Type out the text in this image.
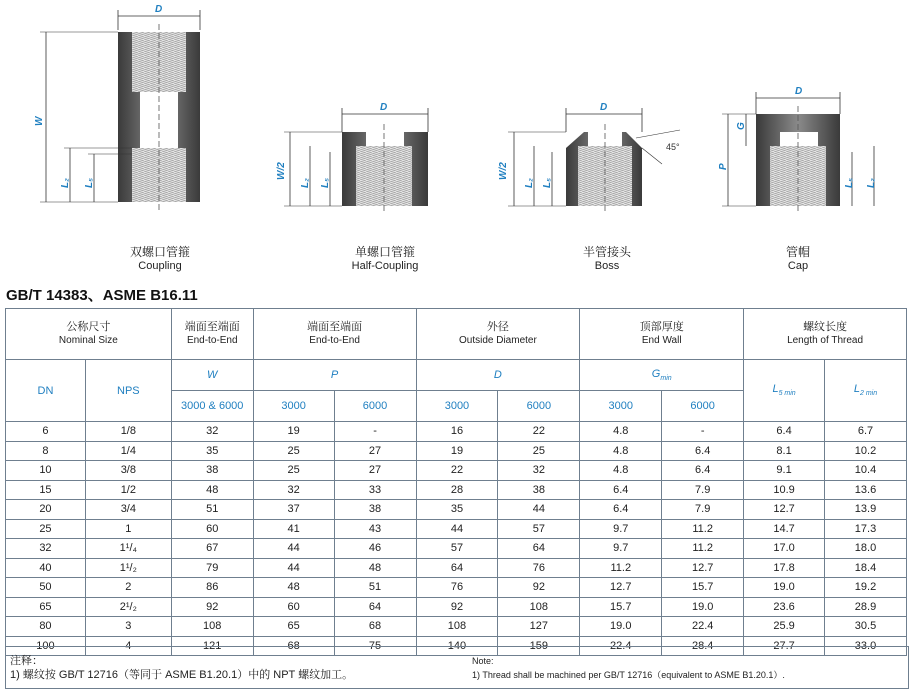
D
W
L₂ L₅
D
W/2
L₂ L₅
D
45°
W/2
L₂ L₅
D
P
G
L₅ L₂
双螺口管箍
Coupling
单螺口管箍
Half-Coupling
半管接头
Boss
管帽
Cap
GB/T 14383、ASME B16.11
公称尺寸
Nominal Size		端面至端面
End-to-End	端面至端面
End-to-End		外径
Outside Diameter		顶部厚度
End Wall		螺纹长度
Length of Thread	

DN	NPS	W	P		D		$G_{min}$		$L_{5 min}$	$L_{2 min}$
		3000 & 6000	3000	6000	3000	6000	3000	6000		
6	1/8	32	19	-	16	22	4.8	-	6.4	6.7
8	1/4	35	25	27	19	25	4.8	6.4	8.1	10.2
10	3/8	38	25	27	22	32	4.8	6.4	9.1	10.4
15	1/2	48	32	33	28	38	6.4	7.9	10.9	13.6
20	3/4	51	37	38	35	44	6.4	7.9	12.7	13.9
25	1	60	41	43	44	57	9.7	11.2	14.7	17.3
32	1¹/₄	67	44	46	57	64	9.7	11.2	17.0	18.0
40	1¹/₂	79	44	48	64	76	11.2	12.7	17.8	18.4
50	2	86	48	51	76	92	12.7	15.7	19.0	19.2
65	2¹/₂	92	60	64	92	108	15.7	19.0	23.6	28.9
80	3	108	65	68	108	127	19.0	22.4	25.9	30.5
100	4	121	68	75	140	159	22.4	28.4	27.7	33.0
注释：
1) 螺纹按 GB/T 12716（等同于 ASME B1.20.1）中的 NPT 螺纹加工。
Note:
1) Thread shall be machined per GB/T 12716（equivalent to ASME B1.20.1）.
